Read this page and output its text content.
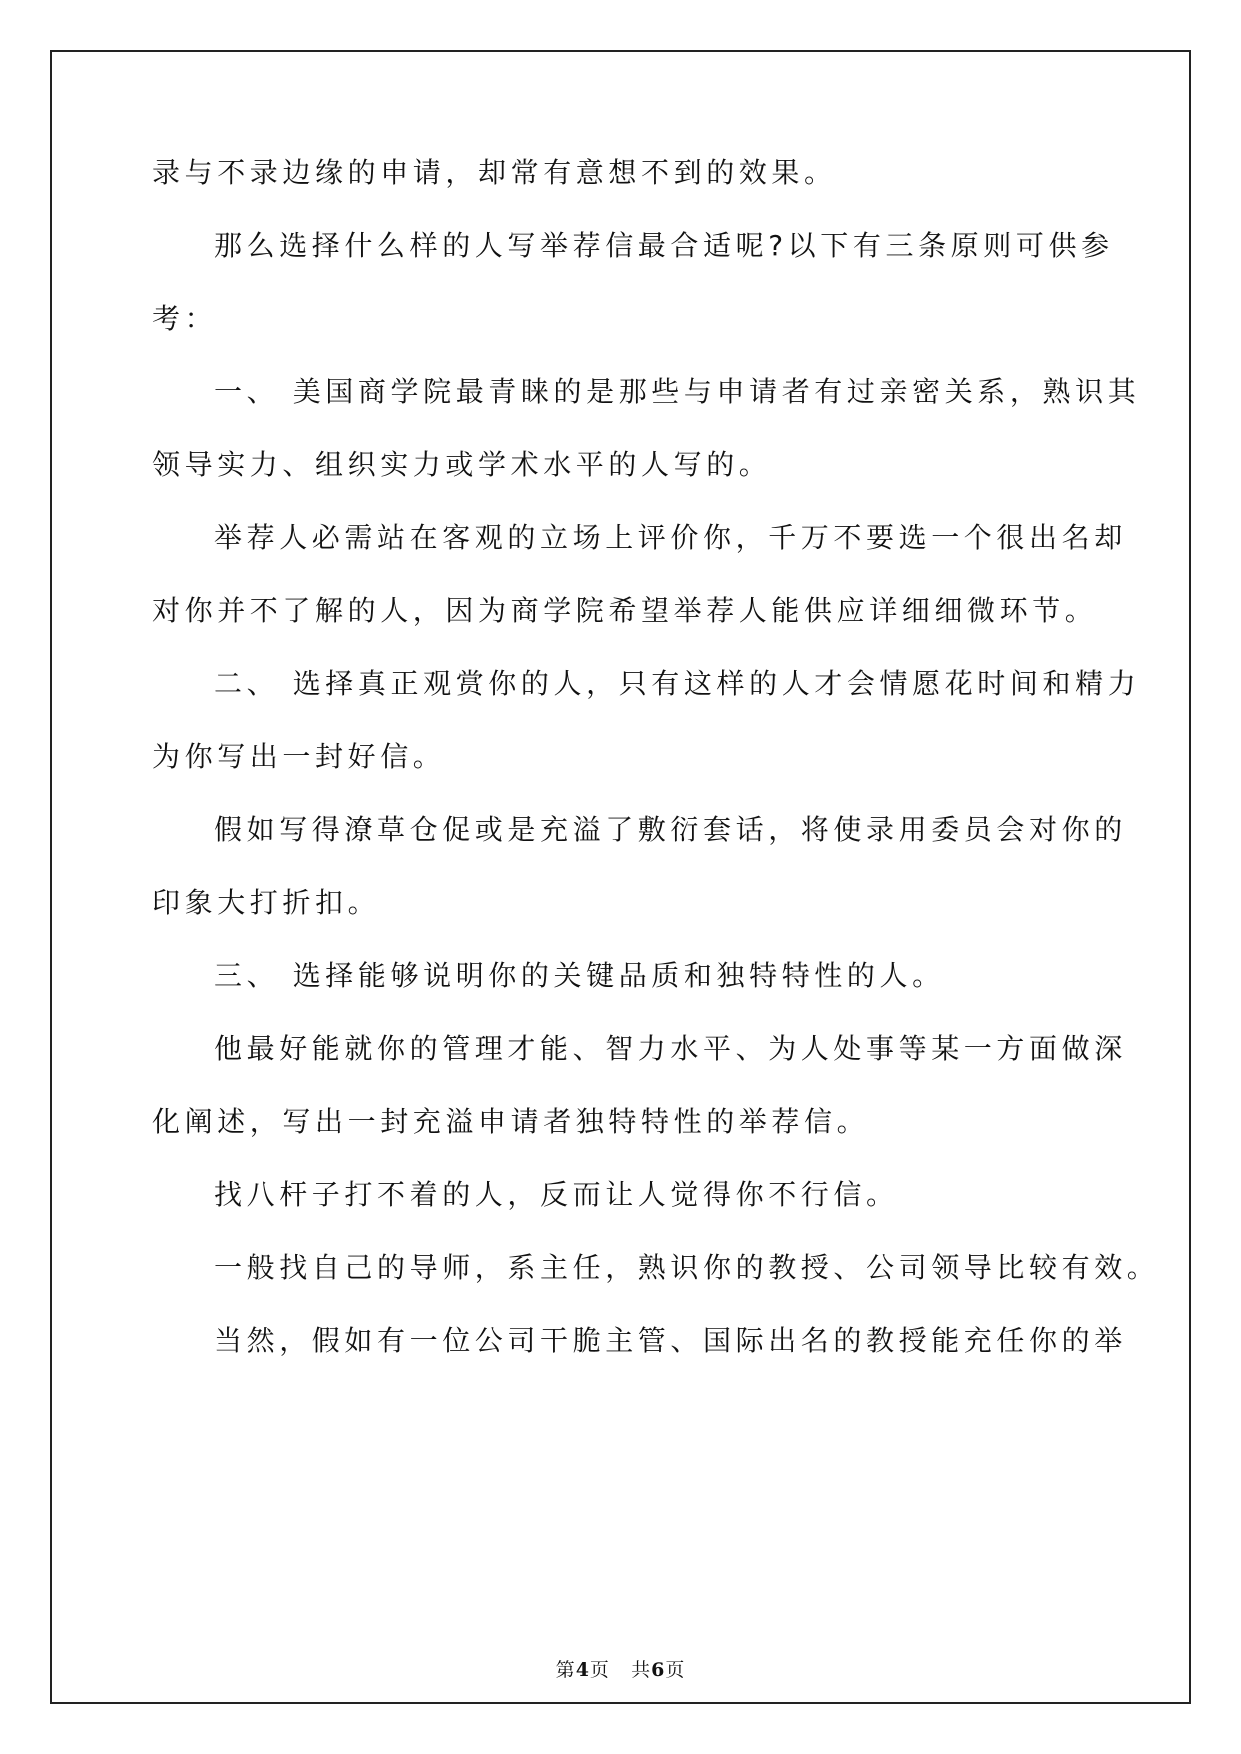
录与不录边缘的申请，却常有意想不到的效果。
那么选择什么样的人写举荐信最合适呢?以下有三条原则可供参
考：
一、 美国商学院最青睐的是那些与申请者有过亲密关系，熟识其
领导实力、组织实力或学术水平的人写的。
举荐人必需站在客观的立场上评价你，千万不要选一个很出名却
对你并不了解的人，因为商学院希望举荐人能供应详细细微环节。
二、 选择真正观赏你的人，只有这样的人才会情愿花时间和精力
为你写出一封好信。
假如写得潦草仓促或是充溢了敷衍套话，将使录用委员会对你的
印象大打折扣。
三、 选择能够说明你的关键品质和独特特性的人。
他最好能就你的管理才能、智力水平、为人处事等某一方面做深
化阐述，写出一封充溢申请者独特特性的举荐信。
找八杆子打不着的人，反而让人觉得你不行信。
一般找自己的导师，系主任，熟识你的教授、公司领导比较有效。
当然，假如有一位公司干脆主管、国际出名的教授能充任你的举
第4页 共6页
